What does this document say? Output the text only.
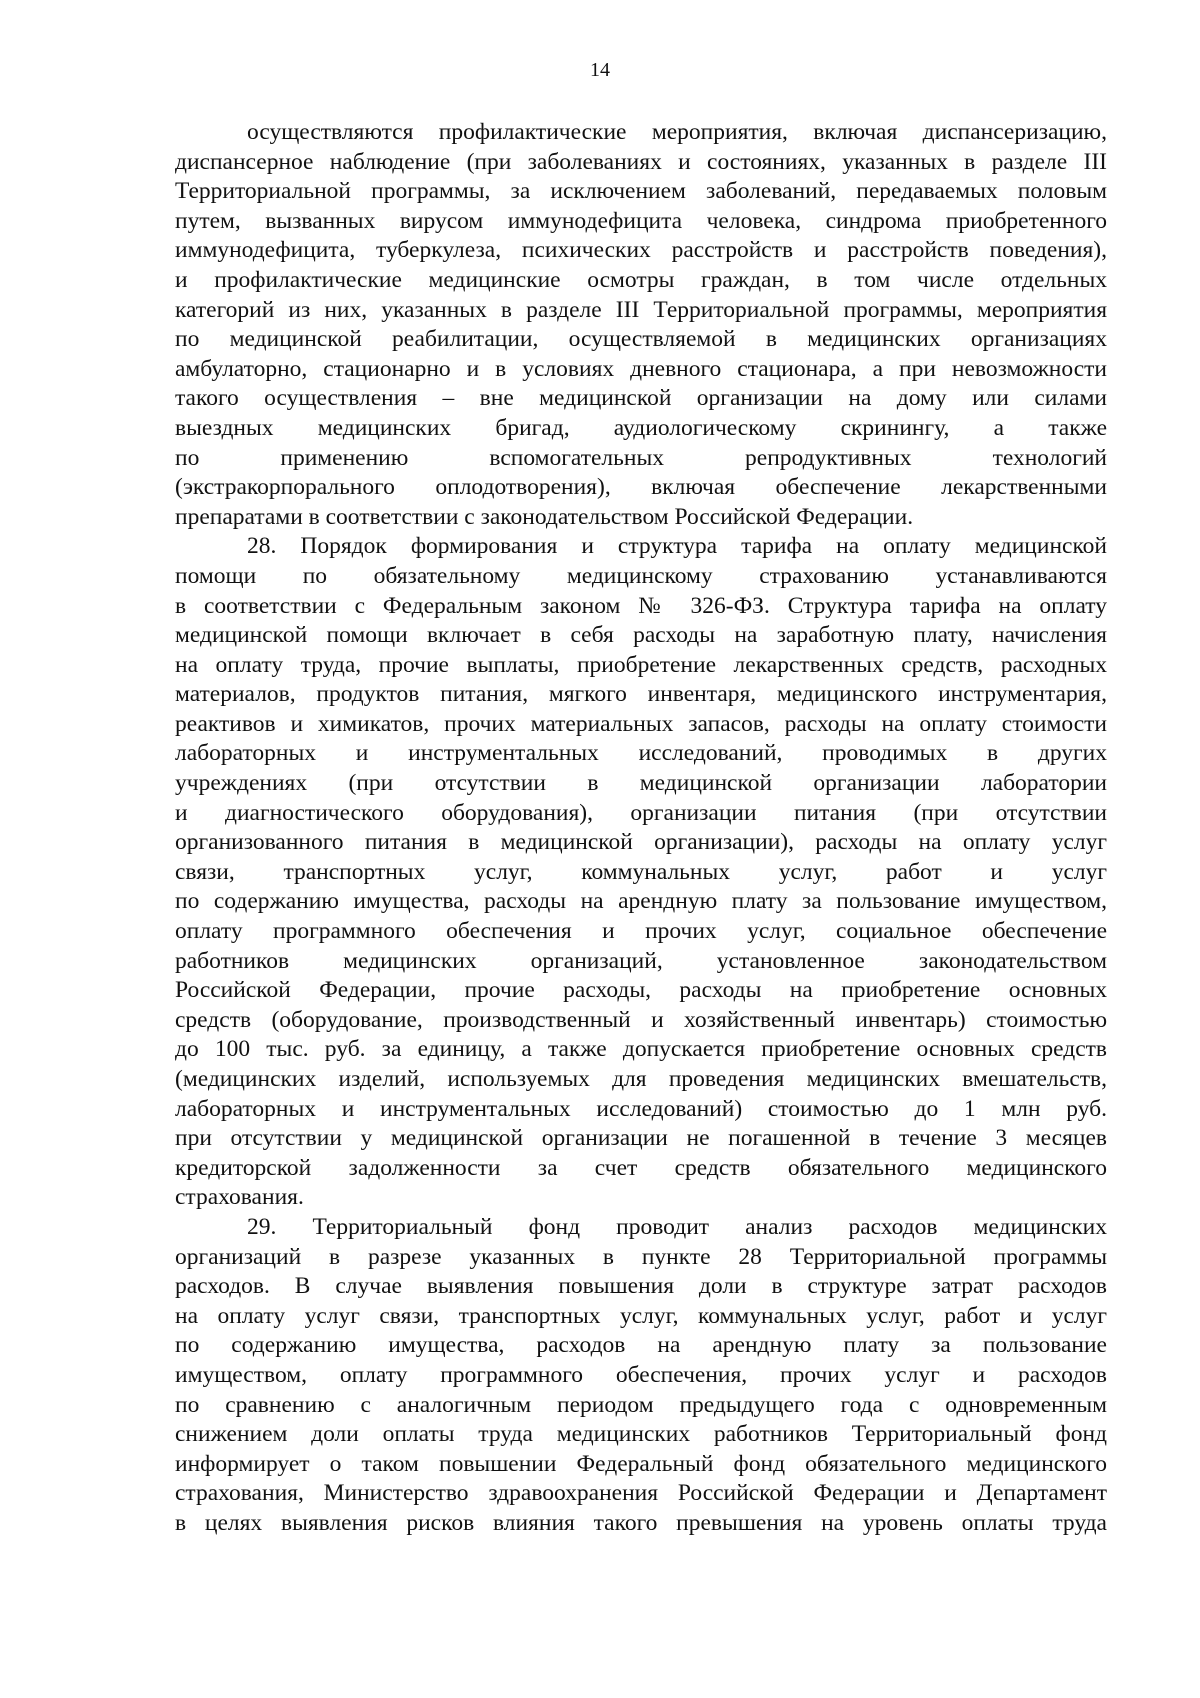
14
осуществляются профилактические мероприятия, включая диспансеризацию,
диспансерное наблюдение (при заболеваниях и состояниях, указанных в разделе III
Территориальной программы, за исключением заболеваний, передаваемых половым
путем, вызванных вирусом иммунодефицита человека, синдрома приобретенного
иммунодефицита, туберкулеза, психических расстройств и расстройств поведения),
и профилактические медицинские осмотры граждан, в том числе отдельных
категорий из них, указанных в разделе III Территориальной программы, мероприятия
по медицинской реабилитации, осуществляемой в медицинских организациях
амбулаторно, стационарно и в условиях дневного стационара, а при невозможности
такого осуществления – вне медицинской организации на дому или силами
выездных медицинских бригад, аудиологическому скринингу, а также
по применению вспомогательных репродуктивных технологий
(экстракорпорального оплодотворения), включая обеспечение лекарственными
препаратами в соответствии с законодательством Российской Федерации.
28. Порядок формирования и структура тарифа на оплату медицинской
помощи по обязательному медицинскому страхованию устанавливаются
в соответствии с Федеральным законом № 326-ФЗ. Структура тарифа на оплату
медицинской помощи включает в себя расходы на заработную плату, начисления
на оплату труда, прочие выплаты, приобретение лекарственных средств, расходных
материалов, продуктов питания, мягкого инвентаря, медицинского инструментария,
реактивов и химикатов, прочих материальных запасов, расходы на оплату стоимости
лабораторных и инструментальных исследований, проводимых в других
учреждениях (при отсутствии в медицинской организации лаборатории
и диагностического оборудования), организации питания (при отсутствии
организованного питания в медицинской организации), расходы на оплату услуг
связи, транспортных услуг, коммунальных услуг, работ и услуг
по содержанию имущества, расходы на арендную плату за пользование имуществом,
оплату программного обеспечения и прочих услуг, социальное обеспечение
работников медицинских организаций, установленное законодательством
Российской Федерации, прочие расходы, расходы на приобретение основных
средств (оборудование, производственный и хозяйственный инвентарь) стоимостью
до 100 тыс. руб. за единицу, а также допускается приобретение основных средств
(медицинских изделий, используемых для проведения медицинских вмешательств,
лабораторных и инструментальных исследований) стоимостью до 1 млн руб.
при отсутствии у медицинской организации не погашенной в течение 3 месяцев
кредиторской задолженности за счет средств обязательного медицинского
страхования.
29. Территориальный фонд проводит анализ расходов медицинских
организаций в разрезе указанных в пункте 28 Территориальной программы
расходов. В случае выявления повышения доли в структуре затрат расходов
на оплату услуг связи, транспортных услуг, коммунальных услуг, работ и услуг
по содержанию имущества, расходов на арендную плату за пользование
имуществом, оплату программного обеспечения, прочих услуг и расходов
по сравнению с аналогичным периодом предыдущего года с одновременным
снижением доли оплаты труда медицинских работников Территориальный фонд
информирует о таком повышении Федеральный фонд обязательного медицинского
страхования, Министерство здравоохранения Российской Федерации и Департамент
в целях выявления рисков влияния такого превышения на уровень оплаты труда
